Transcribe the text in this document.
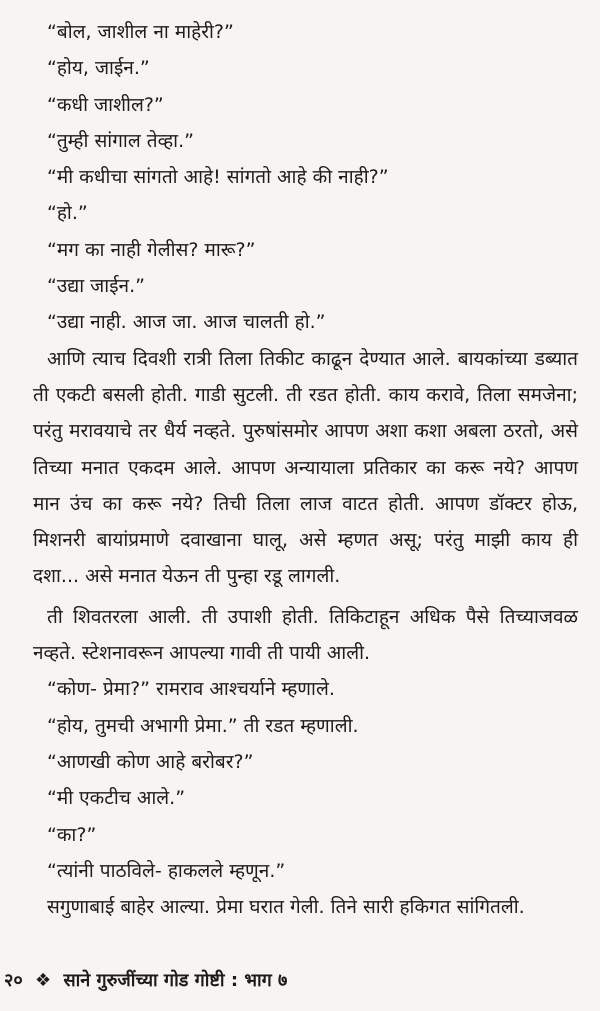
“बोल, जाशील ना माहेरी?”

“होय, जाईन.”

“कधी जाशील?”

“तुम्ही सांगाल तेव्हा.”

“मी कधीचा सांगतो आहे! सांगतो आहे की नाही?”

“हो.”

“मग का नाही गेलीस? मारू?”

“उद्या जाईन.”

“उद्या नाही. आज जा. आज चालती हो.”

आणि त्याच दिवशी रात्री तिला तिकीट काढून देण्यात आले. बायकांच्या डब्यात ती एकटी बसली होती. गाडी सुटली. ती रडत होती. काय करावे, तिला समजेना; परंतु मरावयाचे तर धैर्य नव्हते. पुरुषांसमोर आपण अशा कशा अबला ठरतो, असे तिच्या मनात एकदम आले. आपण अन्यायाला प्रतिकार का करू नये? आपण मान उंच का करू नये? तिची तिला लाज वाटत होती. आपण डॉक्टर होऊ, मिशनरी बायांप्रमाणे दवाखाना घालू, असे म्हणत असू; परंतु माझी काय ही दशा... असे मनात येऊन ती पुन्हा रडू लागली.

ती शिवतरला आली. ती उपाशी होती. तिकिटाहून अधिक पैसे तिच्याजवळ नव्हते. स्टेशनावरून आपल्या गावी ती पायी आली.

“कोण- प्रेमा?” रामराव आश्चर्याने म्हणाले.

“होय, तुमची अभागी प्रेमा.” ती रडत म्हणाली.

“आणखी कोण आहे बरोबर?”

“मी एकटीच आले.”

“का?”

“त्यांनी पाठविले- हाकलले म्हणून.”

सगुणाबाई बाहेर आल्या. प्रेमा घरात गेली. तिने सारी हकिगत सांगितली.

२० ❖ साने गुरुजींच्या गोड गोष्टी : भाग ७
